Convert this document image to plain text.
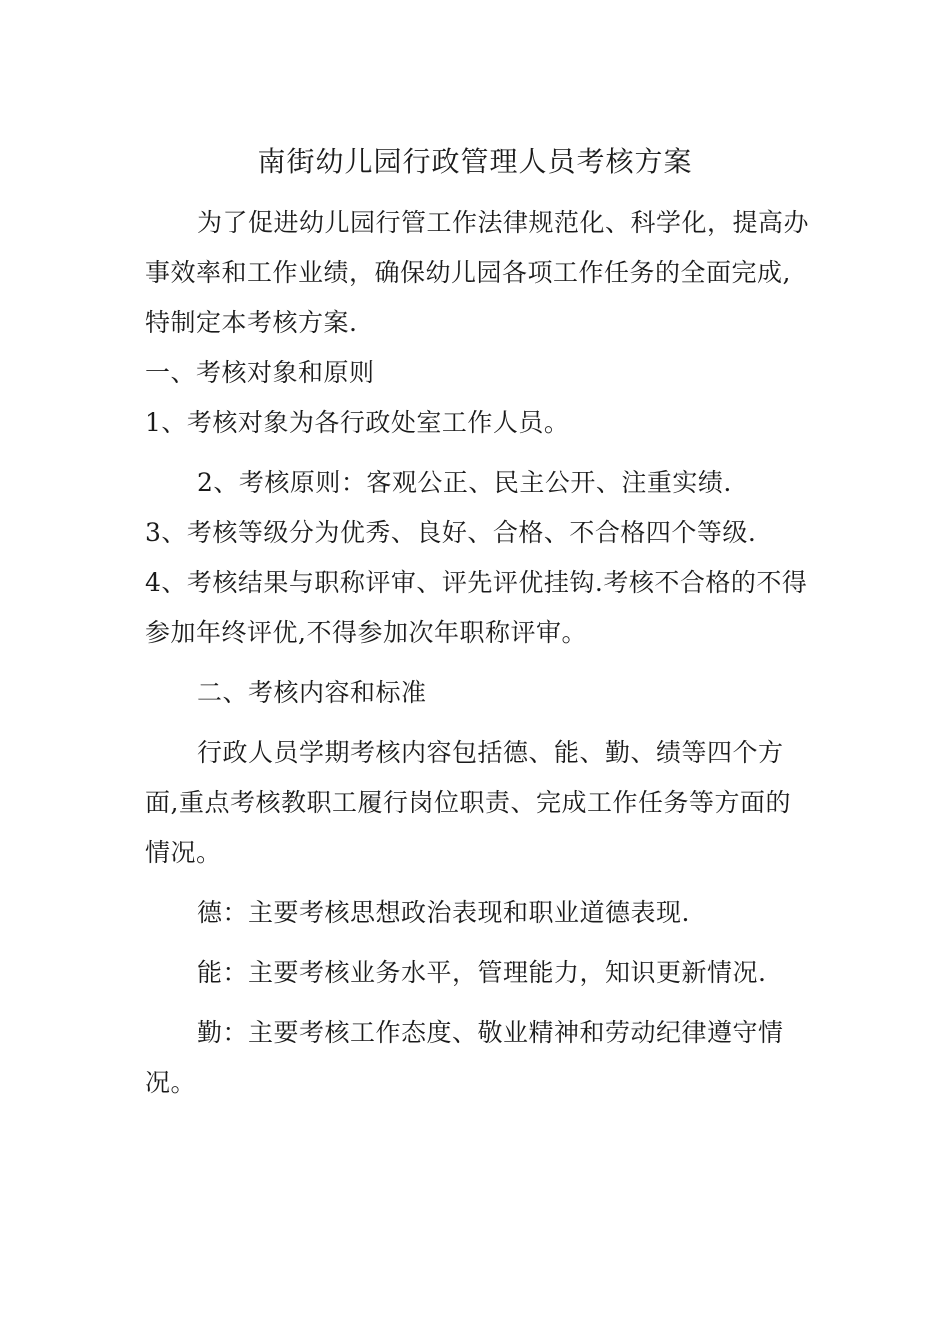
南街幼儿园行政管理人员考核方案

为了促进幼儿园行管工作法律规范化、科学化，提高办事效率和工作业绩，确保幼儿园各项工作任务的全面完成,特制定本考核方案.

一、考核对象和原则

1、考核对象为各行政处室工作人员。

2、考核原则：客观公正、民主公开、注重实绩.

3、考核等级分为优秀、良好、合格、不合格四个等级.

4、考核结果与职称评审、评先评优挂钩.考核不合格的不得参加年终评优,不得参加次年职称评审。

二、考核内容和标准

行政人员学期考核内容包括德、能、勤、绩等四个方面,重点考核教职工履行岗位职责、完成工作任务等方面的情况。

德：主要考核思想政治表现和职业道德表现.

能：主要考核业务水平，管理能力，知识更新情况.

勤：主要考核工作态度、敬业精神和劳动纪律遵守情况。
